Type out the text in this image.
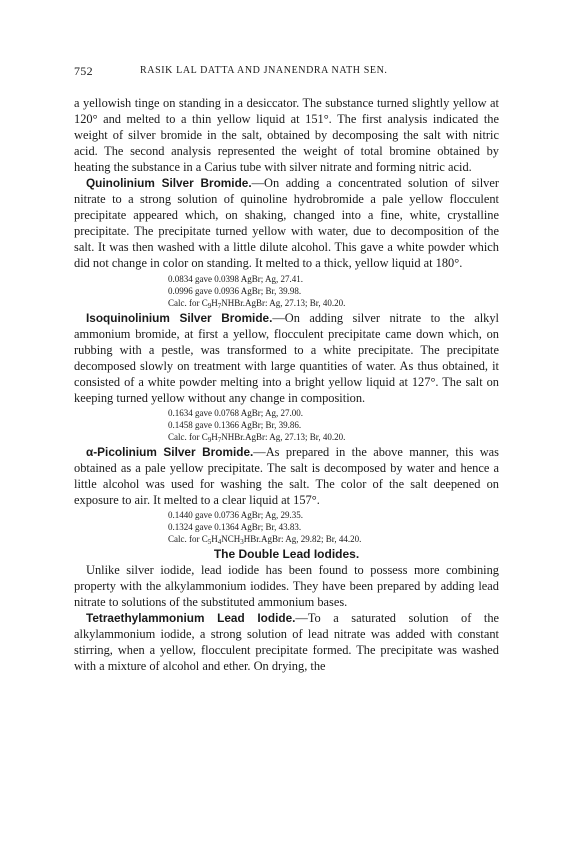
752	RASIK LAL DATTA AND JNANENDRA NATH SEN.

a yellowish tinge on standing in a desiccator. The substance turned slightly yellow at 120° and melted to a thin yellow liquid at 151°. The first analysis indicated the weight of silver bromide in the salt, obtained by decomposing the salt with nitric acid. The second analysis represented the weight of total bromine obtained by heating the substance in a Carius tube with silver nitrate and forming nitric acid.

Quinolinium Silver Bromide.—On adding a concentrated solution of silver nitrate to a strong solution of quinoline hydrobromide a pale yellow flocculent precipitate appeared which, on shaking, changed into a fine, white, crystalline precipitate. The precipitate turned yellow with water, due to decomposition of the salt. It was then washed with a little dilute alcohol. This gave a white powder which did not change in color on standing. It melted to a thick, yellow liquid at 180°.

0.0834 gave 0.0398 AgBr; Ag, 27.41.
0.0996 gave 0.0936 AgBr; Br, 39.98.
Calc. for $C_9H_7NHBr.AgBr$: Ag, 27.13; Br, 40.20.

Isoquinolinium Silver Bromide.—On adding silver nitrate to the alkyl ammonium bromide, at first a yellow, flocculent precipitate came down which, on rubbing with a pestle, was transformed to a white precipitate. The precipitate decomposed slowly on treatment with large quantities of water. As thus obtained, it consisted of a white powder melting into a bright yellow liquid at 127°. The salt on keeping turned yellow without any change in composition.

0.1634 gave 0.0768 AgBr; Ag, 27.00.
0.1458 gave 0.1366 AgBr; Br, 39.86.
Calc. for $C_9H_7NHBr.AgBr$: Ag, 27.13; Br, 40.20.

α-Picolinium Silver Bromide.—As prepared in the above manner, this was obtained as a pale yellow precipitate. The salt is decomposed by water and hence a little alcohol was used for washing the salt. The color of the salt deepened on exposure to air. It melted to a clear liquid at 157°.

0.1440 gave 0.0736 AgBr; Ag, 29.35.
0.1324 gave 0.1364 AgBr; Br, 43.83.
Calc. for $C_5H_4NCH_3HBr.AgBr$: Ag, 29.82; Br, 44.20.

The Double Lead Iodides.

Unlike silver iodide, lead iodide has been found to possess more combining property with the alkylammonium iodides. They have been prepared by adding lead nitrate to solutions of the substituted ammonium bases.

Tetraethylammonium Lead Iodide.—To a saturated solution of the alkylammonium iodide, a strong solution of lead nitrate was added with constant stirring, when a yellow, flocculent precipitate formed. The precipitate was washed with a mixture of alcohol and ether. On drying, the
